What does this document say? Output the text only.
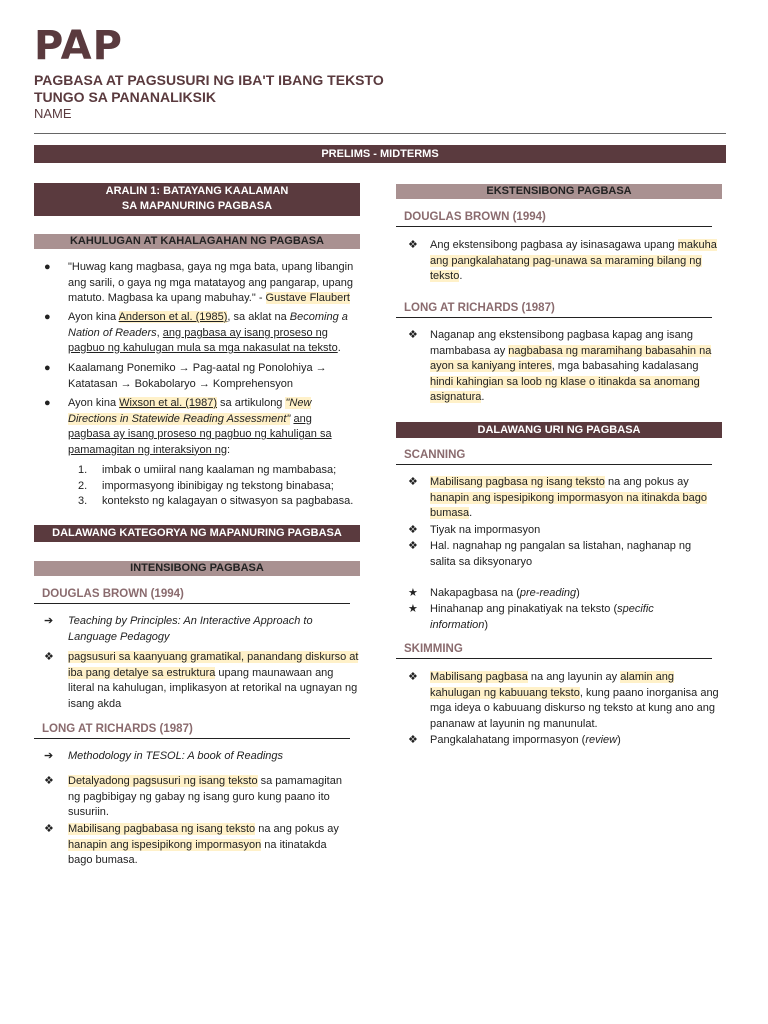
PAP
PAGBASA AT PAGSUSURI NG IBA'T IBANG TEKSTO TUNGO SA PANANALIKSIK
NAME
PRELIMS - MIDTERMS
ARALIN 1: BATAYANG KAALAMAN
SA MAPANURING PAGBASA
KAHULUGAN AT KAHALAGAHAN NG PAGBASA
● "Huwag kang magbasa, gaya ng mga bata, upang libangin ang sarili, o gaya ng mga matatayog ang pangarap, upang matuto. Magbasa ka upang mabuhay." - Gustave Flaubert
● Ayon kina Anderson et al. (1985), sa aklat na Becoming a Nation of Readers, ang pagbasa ay isang proseso ng pagbuo ng kahulugan mula sa mga nakasulat na teksto.
● Kaalamang Ponemiko → Pag-aatal ng Ponolohiya → Katatasan → Bokabolaryo → Komprehensyon
● Ayon kina Wixson et al. (1987) sa artikulong "New Directions in Statewide Reading Assessment" ang pagbasa ay isang proseso ng pagbuo ng kahuligan sa pamamagitan ng interaksiyon ng:
1. imbak o umiiral nang kaalaman ng mambabasa;
2. impormasyong ibinibigay ng tekstong binabasa;
3. konteksto ng kalagayan o sitwasyon sa pagbabasa.
DALAWANG KATEGORYA NG MAPANURING PAGBASA
INTENSIBONG PAGBASA
DOUGLAS BROWN (1994)
➔ Teaching by Principles: An Interactive Approach to Language Pedagogy
❖ pagsusuri sa kaanyuang gramatikal, panandang diskurso at iba pang detalye sa estruktura upang maunawaan ang literal na kahulugan, implikasyon at retorikal na ugnayan ng isang akda
LONG AT RICHARDS (1987)
➔ Methodology in TESOL: A book of Readings
❖ Detalyadong pagsusuri ng isang teksto sa pamamagitan ng pagbibigay ng gabay ng isang guro kung paano ito susuriin.
❖ Mabilisang pagbabasa ng isang teksto na ang pokus ay hanapin ang ispesipikong impormasyon na itinatakda bago bumasa.
EKSTENSIBONG PAGBASA
DOUGLAS BROWN (1994)
❖ Ang ekstensibong pagbasa ay isinasagawa upang makuha ang pangkalahatang pag-unawa sa maraming bilang ng teksto.
LONG AT RICHARDS (1987)
❖ Naganap ang ekstensibong pagbasa kapag ang isang mambabasa ay nagbabasa ng maramihang babasahin na ayon sa kaniyang interes, mga babasahing kadalasang hindi kahingian sa loob ng klase o itinakda sa anomang asignatura.
DALAWANG URI NG PAGBASA
SCANNING
❖ Mabilisang pagbasa ng isang teksto na ang pokus ay hanapin ang ispesipikong impormasyon na itinakda bago bumasa.
❖ Tiyak na impormasyon
❖ Hal. nagnahap ng pangalan sa listahan, naghanap ng salita sa diksyonaryo
★ Nakapagbasa na (pre-reading)
★ Hinahanap ang pinakatiyak na teksto (specific information)
SKIMMING
❖ Mabilisang pagbasa na ang layunin ay alamin ang kahulugan ng kabuuang teksto, kung paano inorganisa ang mga ideya o kabuuang diskurso ng teksto at kung ano ang pananaw at layunin ng manunulat.
❖ Pangkalahatang impormasyon (review)
